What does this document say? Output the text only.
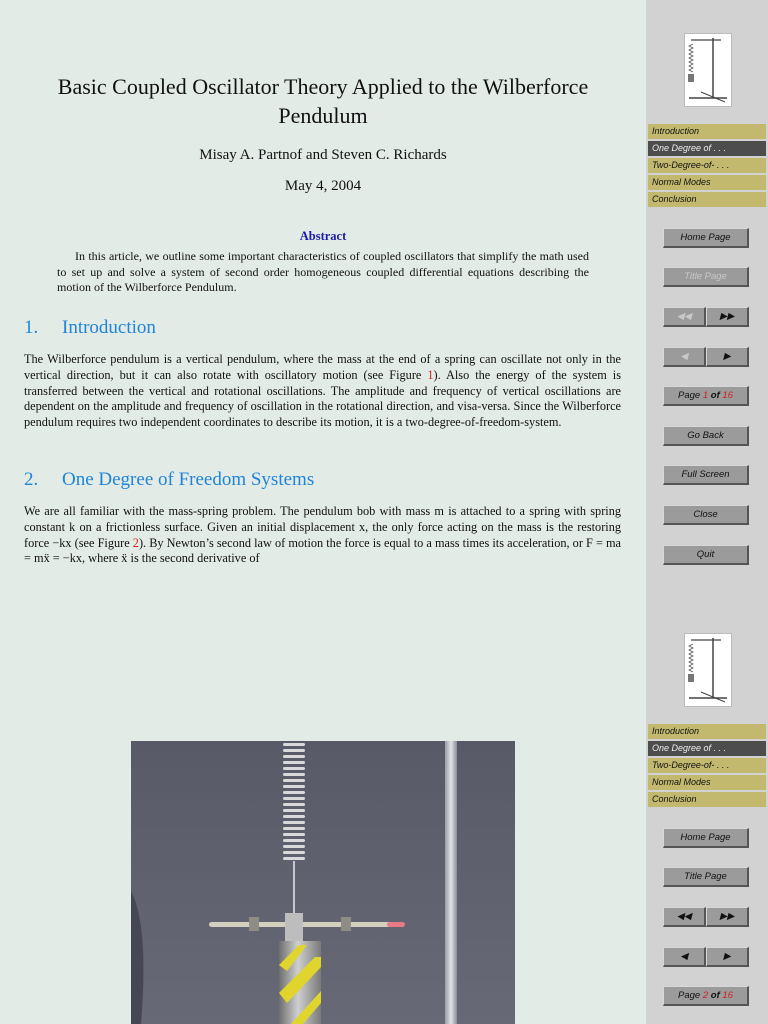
Basic Coupled Oscillator Theory Applied to the Wilberforce Pendulum
Misay A. Partnof and Steven C. Richards
May 4, 2004
Abstract
In this article, we outline some important characteristics of coupled oscillators that simplify the math used to set up and solve a system of second order homogeneous coupled differential equations describing the motion of the Wilberforce Pendulum.
1. Introduction
The Wilberforce pendulum is a vertical pendulum, where the mass at the end of a spring can oscillate not only in the vertical direction, but it can also rotate with oscillatory motion (see Figure 1). Also the energy of the system is transferred between the vertical and rotational oscillations. The amplitude and frequency of vertical oscillations are dependent on the amplitude and frequency of oscillation in the rotational direction, and visa-versa. Since the Wilberforce pendulum requires two independent coordinates to describe its motion, it is a two-degree-of-freedom-system.
2. One Degree of Freedom Systems
We are all familiar with the mass-spring problem. The pendulum bob with mass m is attached to a spring with spring constant k on a frictionless surface. Given an initial displacement x, the only force acting on the mass is the restoring force −kx (see Figure 2). By Newton’s second law of motion the force is equal to a mass times its acceleration, or F = ma = mẍ = −kx, where ẍ is the second derivative of
Introduction
One Degree of . . .
Two-Degree-of- . . .
Normal Modes
Conclusion
Home Page
Title Page
◀◀	▶▶
◀	▶
Page 1 of 16
Go Back
Full Screen
Close
Quit
Introduction
One Degree of . . .
Two-Degree-of- . . .
Normal Modes
Conclusion
Home Page
Title Page
◀◀	▶▶
◀	▶
Page 2 of 16
